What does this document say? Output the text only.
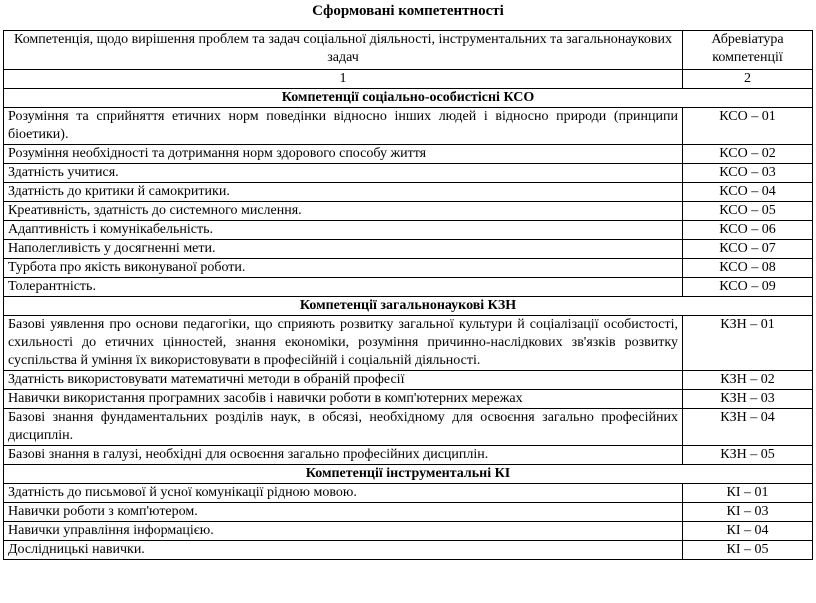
Сформовані компетентності
Компетенція, щодо вирішення проблем та задач соціальної діяльності, інструментальних та загальнонаукових задач	Абревіатура компетенції
1	2
Компетенції соціально-особистісні КСО	
Розуміння та сприйняття етичних норм поведінки відносно інших людей і відносно природи (принципи біоетики).	КСО – 01
Розуміння необхідності та дотримання норм здорового способу життя	КСО – 02
Здатність учитися.	КСО – 03
Здатність до критики й самокритики.	КСО – 04
Креативність, здатність до системного мислення.	КСО – 05
Адаптивність і комунікабельність.	КСО – 06
Наполегливість у досягненні мети.	КСО – 07
Турбота про якість виконуваної роботи.	КСО – 08
Толерантність.	КСО – 09
Компетенції загальнонаукові КЗН	
Базові уявлення про основи педагогіки, що сприяють розвитку загальної культури й соціалізації особистості, схильності до етичних цінностей, знання економіки, розуміння причинно-наслідкових зв'язків розвитку суспільства й уміння їх використовувати в професійній і соціальній діяльності.	КЗН – 01
Здатність використовувати математичні методи в обраній професії	КЗН – 02
Навички використання програмних засобів і навички роботи в комп'ютерних мережах	КЗН – 03
Базові знання фундаментальних розділів наук, в обсязі, необхідному для освоєння загально професійних дисциплін.	КЗН – 04
Базові знання в галузі, необхідні для освоєння загально професійних дисциплін.	КЗН – 05
Компетенції інструментальні КІ	
Здатність до письмової й усної комунікації рідною мовою.	КІ – 01
Навички роботи з комп'ютером.	КІ – 03
Навички управління інформацією.	КІ – 04
Дослідницькі навички.	КІ – 05
